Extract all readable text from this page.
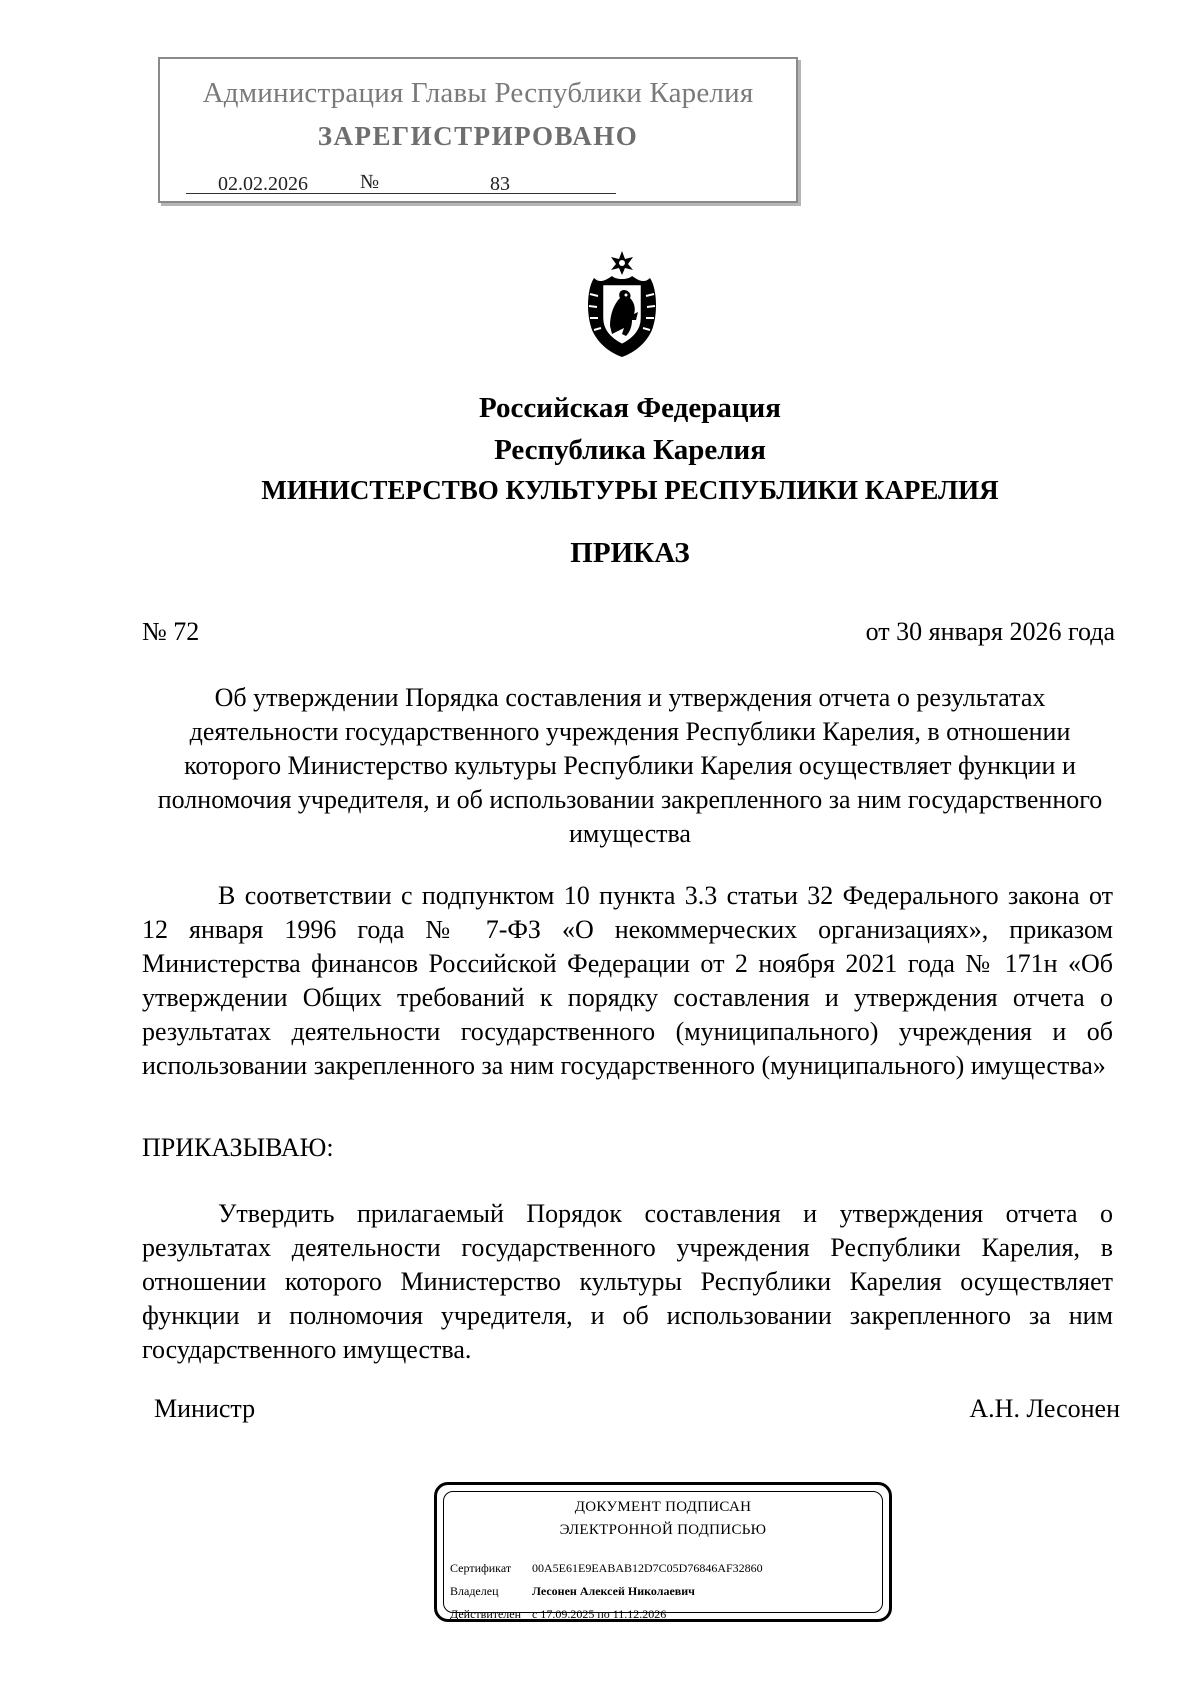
Администрация Главы Республики Карелия
ЗАРЕГИСТРИРОВАНО
02.02.2026	№	83
Российская Федерация
Республика Карелия
МИНИСТЕРСТВО КУЛЬТУРЫ РЕСПУБЛИКИ КАРЕЛИЯ
ПРИКАЗ
№ 72	от 30 января 2026 года
Об утверждении Порядка составления и утверждения отчета о результатах деятельности государственного учреждения Республики Карелия, в отношении которого Министерство культуры Республики Карелия осуществляет функции и полномочия учредителя, и об использовании закрепленного за ним государственного имущества
В соответствии с подпунктом 10 пункта 3.3 статьи 32 Федерального закона от 12 января 1996 года № 7-ФЗ «О некоммерческих организациях», приказом Министерства финансов Российской Федерации от 2 ноября 2021 года № 171н «Об утверждении Общих требований к порядку составления и утверждения отчета о результатах деятельности государственного (муниципального) учреждения и об использовании закрепленного за ним государственного (муниципального) имущества»
ПРИКАЗЫВАЮ:
Утвердить прилагаемый Порядок составления и утверждения отчета о результатах деятельности государственного учреждения Республики Карелия, в отношении которого Министерство культуры Республики Карелия осуществляет функции и полномочия учредителя, и об использовании закрепленного за ним государственного имущества.
Министр	А.Н. Лесонен
ДОКУМЕНТ ПОДПИСАН
ЭЛЕКТРОННОЙ ПОДПИСЬЮ
Сертификат 00A5E61E9EABAB12D7C05D76846AF32860
Владелец	Лесонен Алексей Николаевич
Действителен с 17.09.2025 по 11.12.2026
